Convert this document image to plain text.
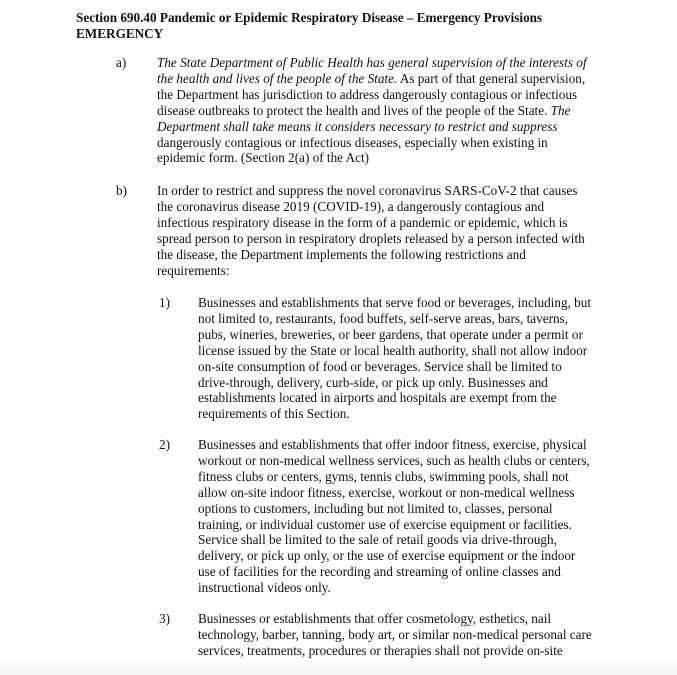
Section 690.40 Pandemic or Epidemic Respiratory Disease – Emergency Provisions
EMERGENCY
a) The State Department of Public Health has general supervision of the interests of
the health and lives of the people of the State. As part of that general supervision,
the Department has jurisdiction to address dangerously contagious or infectious
disease outbreaks to protect the health and lives of the people of the State. The
Department shall take means it considers necessary to restrict and suppress
dangerously contagious or infectious diseases, especially when existing in
epidemic form. (Section 2(a) of the Act)
b) In order to restrict and suppress the novel coronavirus SARS-CoV-2 that causes
the coronavirus disease 2019 (COVID-19), a dangerously contagious and
infectious respiratory disease in the form of a pandemic or epidemic, which is
spread person to person in respiratory droplets released by a person infected with
the disease, the Department implements the following restrictions and
requirements:
1) Businesses and establishments that serve food or beverages, including, but
not limited to, restaurants, food buffets, self-serve areas, bars, taverns,
pubs, wineries, breweries, or beer gardens, that operate under a permit or
license issued by the State or local health authority, shall not allow indoor
on-site consumption of food or beverages. Service shall be limited to
drive-through, delivery, curb-side, or pick up only. Businesses and
establishments located in airports and hospitals are exempt from the
requirements of this Section.
2) Businesses and establishments that offer indoor fitness, exercise, physical
workout or non-medical wellness services, such as health clubs or centers,
fitness clubs or centers, gyms, tennis clubs, swimming pools, shall not
allow on-site indoor fitness, exercise, workout or non-medical wellness
options to customers, including but not limited to, classes, personal
training, or individual customer use of exercise equipment or facilities.
Service shall be limited to the sale of retail goods via drive-through,
delivery, or pick up only, or the use of exercise equipment or the indoor
use of facilities for the recording and streaming of online classes and
instructional videos only.
3) Businesses or establishments that offer cosmetology, esthetics, nail
technology, barber, tanning, body art, or similar non-medical personal care
services, treatments, procedures or therapies shall not provide on-site
